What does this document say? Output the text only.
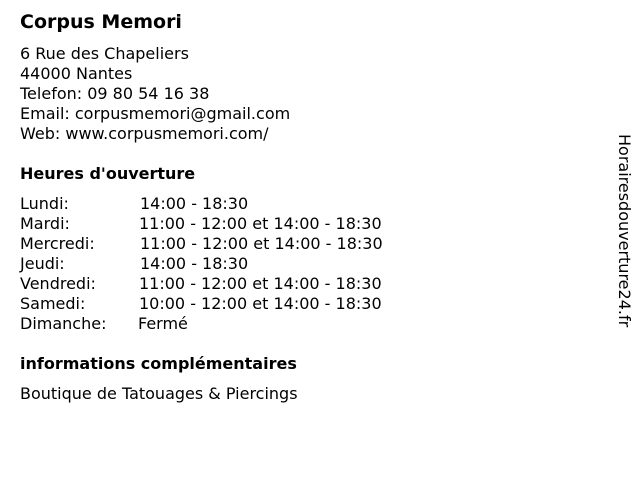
Corpus Memori
6 Rue des Chapeliers
44000 Nantes
Telefon: 09 80 54 16 38
Email: corpusmemori@gmail.com
Web: www.corpusmemori.com/
Heures d'ouverture
Lundi:	14:00 - 18:30
Mardi:	11:00 - 12:00 et 14:00 - 18:30
Mercredi:	11:00 - 12:00 et 14:00 - 18:30
Jeudi:	14:00 - 18:30
Vendredi:	11:00 - 12:00 et 14:00 - 18:30
Samedi:	10:00 - 12:00 et 14:00 - 18:30
Dimanche: Fermé
informations complémentaires
Boutique de Tatouages & Piercings
Horairesdouverture24.fr
